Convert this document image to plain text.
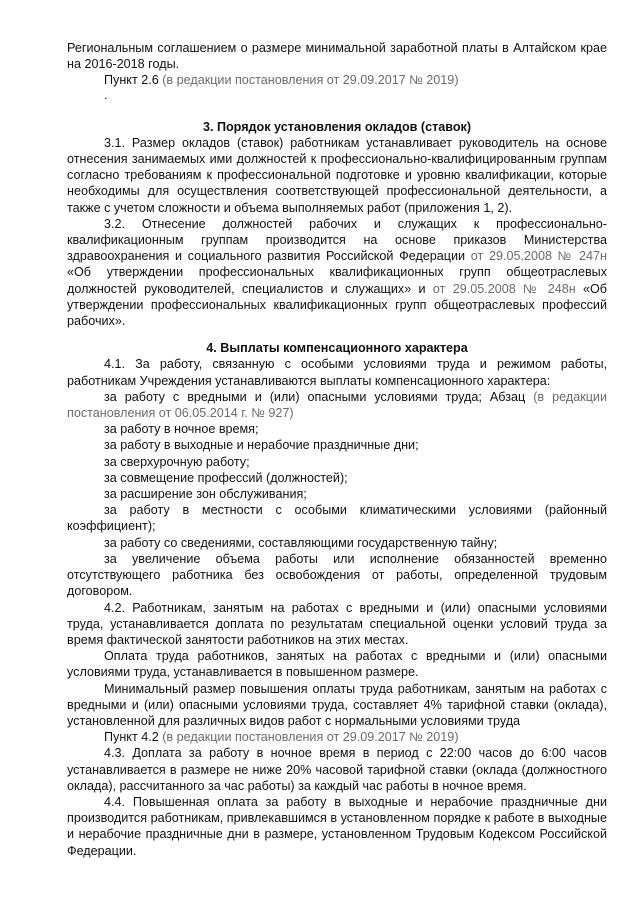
Региональным соглашением о размере минимальной заработной платы в Алтайском крае на 2016-2018 годы.

Пункт 2.6 (в редакции постановления от 29.09.2017 № 2019)

.

3. Порядок установления окладов (ставок)

3.1. Размер окладов (ставок) работникам устанавливает руководитель на основе отнесения занимаемых ими должностей к профессионально-квалифицированным группам согласно требованиям к профессиональной подготовке и уровню квалификации, которые необходимы для осуществления соответствующей профессиональной деятельности, а также с учетом сложности и объема выполняемых работ (приложения 1, 2).

3.2. Отнесение должностей рабочих и служащих к профессионально-квалификационным группам производится на основе приказов Министерства здравоохранения и социального развития Российской Федерации от 29.05.2008 № 247н «Об утверждении профессиональных квалификационных групп общеотраслевых должностей руководителей, специалистов и служащих» и от 29.05.2008 № 248н «Об утверждении профессиональных квалификационных групп общеотраслевых профессий рабочих».

4. Выплаты компенсационного характера

4.1. За работу, связанную с особыми условиями труда и режимом работы, работникам Учреждения устанавливаются выплаты компенсационного характера:

за работу с вредными и (или) опасными условиями труда; Абзац (в редакции постановления от 06.05.2014 г. № 927)

за работу в ночное время;

за работу в выходные и нерабочие праздничные дни;

за сверхурочную работу;

за совмещение профессий (должностей);

за расширение зон обслуживания;

за работу в местности с особыми климатическими условиями (районный коэффициент);

за работу со сведениями, составляющими государственную тайну;

за увеличение объема работы или исполнение обязанностей временно отсутствующего работника без освобождения от работы, определенной трудовым договором.

4.2. Работникам, занятым на работах с вредными и (или) опасными условиями труда, устанавливается доплата по результатам специальной оценки условий труда за время фактической занятости работников на этих местах.

Оплата труда работников, занятых на работах с вредными и (или) опасными условиями труда, устанавливается в повышенном размере.

Минимальный размер повышения оплаты труда работникам, занятым на работах с вредными и (или) опасными условиями труда, составляет 4% тарифной ставки (оклада), установленной для различных видов работ с нормальными условиями труда

Пункт 4.2 (в редакции постановления от 29.09.2017 № 2019)

4.3. Доплата за работу в ночное время в период с 22:00 часов до 6:00 часов устанавливается в размере не ниже 20% часовой тарифной ставки (оклада (должностного оклада), рассчитанного за час работы) за каждый час работы в ночное время.

4.4. Повышенная оплата за работу в выходные и нерабочие праздничные дни производится работникам, привлекавшимся в установленном порядке к работе в выходные и нерабочие праздничные дни в размере, установленном Трудовым Кодексом Российской Федерации.
